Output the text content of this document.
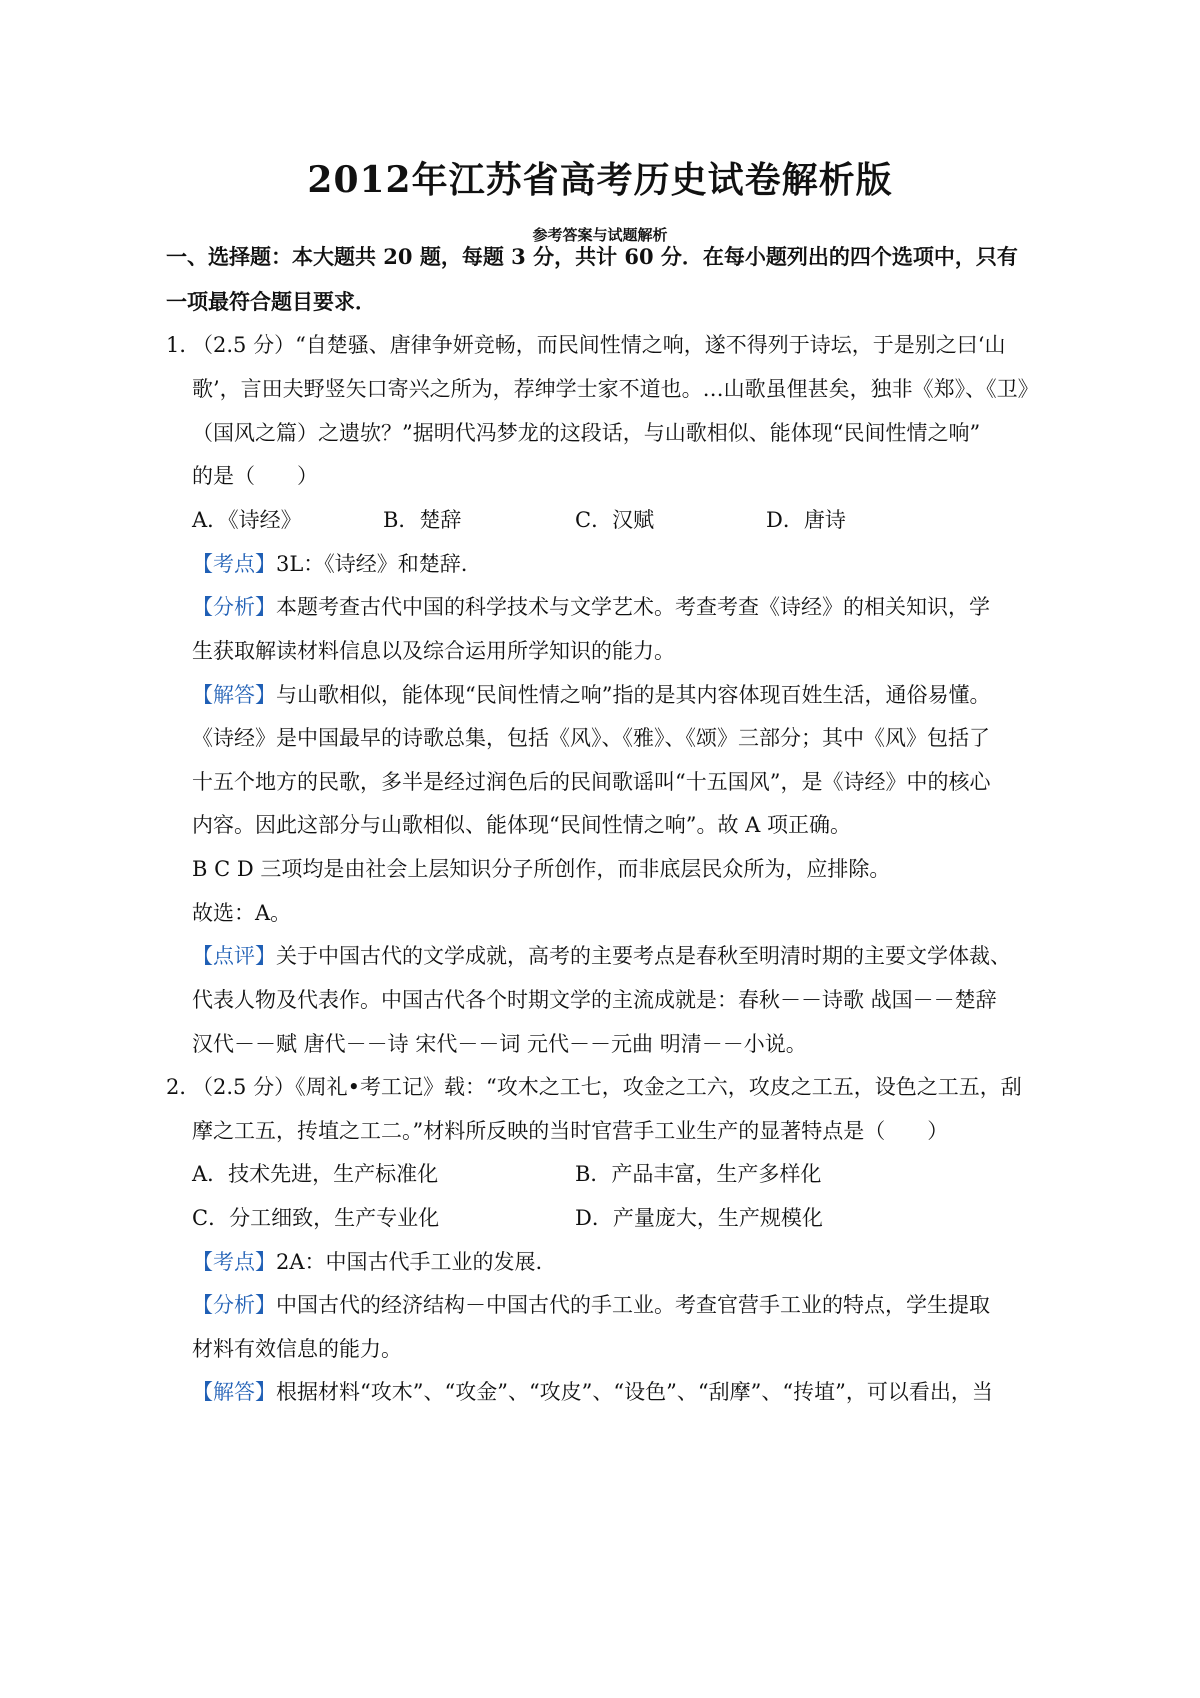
2012年江苏省高考历史试卷解析版
参考答案与试题解析
一、选择题：本大题共 20 题，每题 3 分，共计 60 分．在每小题列出的四个选项中，只有
一项最符合题目要求．
1．
（2.5 分）“自楚骚、唐律争妍竞畅，而民间性情之响，遂不得列于诗坛，于是别之曰‘山
歌’，言田夫野竖矢口寄兴之所为，荐绅学士家不道也。…山歌虽俚甚矣，独非《郑》、《卫》
（国风之篇）之遗欤？”据明代冯梦龙的这段话，与山歌相似、能体现“民间性情之响”
的是（　　）
A．《诗经》	B．楚辞	C．汉赋	D．唐诗
【考点】3L：《诗经》和楚辞.
【分析】本题考查古代中国的科学技术与文学艺术。考查考查《诗经》的相关知识，学
生获取解读材料信息以及综合运用所学知识的能力。
【解答】与山歌相似，能体现“民间性情之响”指的是其内容体现百姓生活，通俗易懂。
《诗经》是中国最早的诗歌总集，包括《风》、《雅》、《颂》三部分；其中《风》包括了
十五个地方的民歌，多半是经过润色后的民间歌谣叫“十五国风”，是《诗经》中的核心
内容。因此这部分与山歌相似、能体现“民间性情之响”。故 A 项正确。
B C D 三项均是由社会上层知识分子所创作，而非底层民众所为，应排除。
故选：A。
【点评】关于中国古代的文学成就，高考的主要考点是春秋至明清时期的主要文学体裁、
代表人物及代表作。中国古代各个时期文学的主流成就是：春秋－－诗歌 战国－－楚辞
汉代－－赋 唐代－－诗 宋代－－词 元代－－元曲 明清－－小说。
2．
（2.5 分）《周礼•考工记》载：“攻木之工七，攻金之工六，攻皮之工五，设色之工五，刮
摩之工五，抟埴之工二。”材料所反映的当时官营手工业生产的显著特点是（　　）
A．技术先进，生产标准化	B．产品丰富，生产多样化
C．分工细致，生产专业化	D．产量庞大，生产规模化
【考点】2A：中国古代手工业的发展.
【分析】中国古代的经济结构－中国古代的手工业。考查官营手工业的特点，学生提取
材料有效信息的能力。
【解答】根据材料“攻木”、“攻金”、“攻皮”、“设色”、“刮摩”、“抟埴”，可以看出，当
